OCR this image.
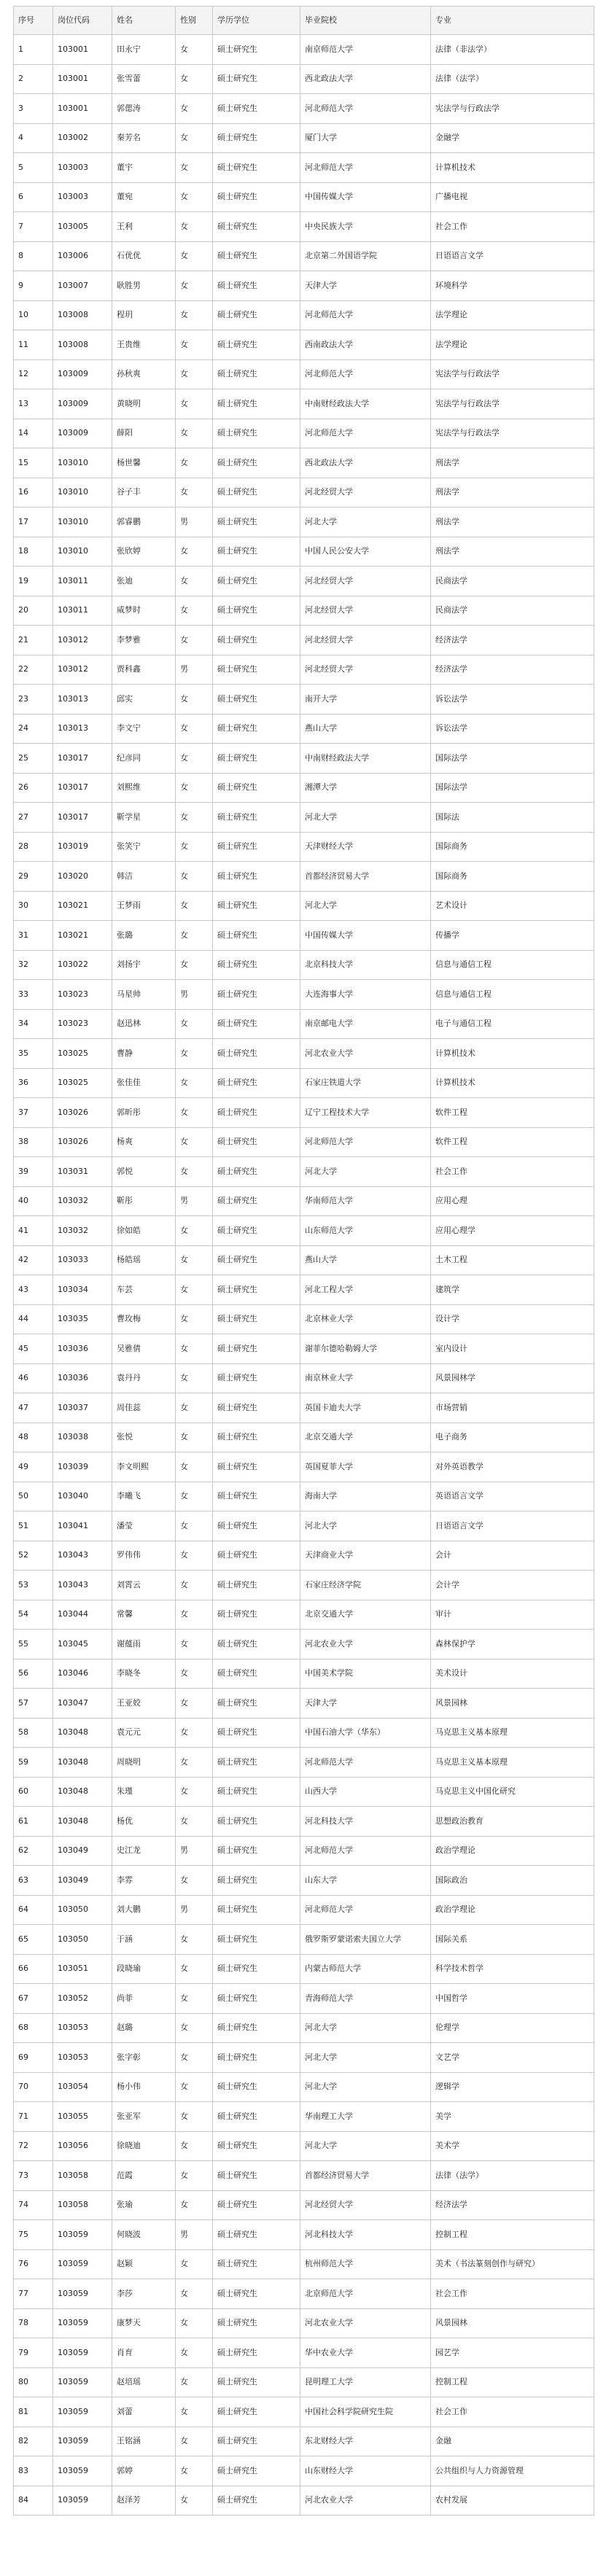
序号	岗位代码	姓名	性别	学历学位	毕业院校	专业
1	103001	田永宁	女	硕士研究生	南京师范大学	法律（非法学）
2	103001	张雪蕾	女	硕士研究生	西北政法大学	法律（法学）
3	103001	郭偲涛	女	硕士研究生	河北师范大学	宪法学与行政法学
4	103002	秦芳名	女	硕士研究生	厦门大学	金融学
5	103003	董宇	女	硕士研究生	河北师范大学	计算机技术
6	103003	董宛	女	硕士研究生	中国传媒大学	广播电视
7	103005	王利	女	硕士研究生	中央民族大学	社会工作
8	103006	石优优	女	硕士研究生	北京第二外国语学院	日语语言文学
9	103007	耿胜男	女	硕士研究生	天津大学	环境科学
10	103008	程玥	女	硕士研究生	河北师范大学	法学理论
11	103008	王贵维	女	硕士研究生	西南政法大学	法学理论
12	103009	孙秋爽	女	硕士研究生	河北师范大学	宪法学与行政法学
13	103009	黄晓明	女	硕士研究生	中南财经政法大学	宪法学与行政法学
14	103009	薛阳	女	硕士研究生	河北师范大学	宪法学与行政法学
15	103010	杨世馨	女	硕士研究生	西北政法大学	刑法学
16	103010	谷子丰	女	硕士研究生	河北经贸大学	刑法学
17	103010	郭睿鹏	男	硕士研究生	河北大学	刑法学
18	103010	张欣婷	女	硕士研究生	中国人民公安大学	刑法学
19	103011	张迪	女	硕士研究生	河北经贸大学	民商法学
20	103011	威梦时	女	硕士研究生	河北经贸大学	民商法学
21	103012	李梦雅	女	硕士研究生	河北经贸大学	经济法学
22	103012	贾科鑫	男	硕士研究生	河北经贸大学	经济法学
23	103013	邱实	女	硕士研究生	南开大学	诉讼法学
24	103013	李文宁	女	硕士研究生	燕山大学	诉讼法学
25	103017	纪彦同	女	硕士研究生	中南财经政法大学	国际法学
26	103017	刘熙维	女	硕士研究生	湘潭大学	国际法学
27	103017	靳学星	女	硕士研究生	河北大学	国际法
28	103019	张笑宁	女	硕士研究生	天津财经大学	国际商务
29	103020	韩洁	女	硕士研究生	首都经济贸易大学	国际商务
30	103021	王梦雨	女	硕士研究生	河北大学	艺术设计
31	103021	张璐	女	硕士研究生	中国传媒大学	传播学
32	103022	刘扬宇	女	硕士研究生	北京科技大学	信息与通信工程
33	103023	马星帅	男	硕士研究生	大连海事大学	信息与通信工程
34	103023	赵迅林	女	硕士研究生	南京邮电大学	电子与通信工程
35	103025	曹静	女	硕士研究生	河北农业大学	计算机技术
36	103025	张佳佳	女	硕士研究生	石家庄铁道大学	计算机技术
37	103026	郭昕彤	女	硕士研究生	辽宁工程技术大学	软件工程
38	103026	杨爽	女	硕士研究生	河北师范大学	软件工程
39	103031	郭悦	女	硕士研究生	河北大学	社会工作
40	103032	靳彤	男	硕士研究生	华南师范大学	应用心理
41	103032	徐如皓	女	硕士研究生	山东师范大学	应用心理学
42	103033	杨皓瑶	女	硕士研究生	燕山大学	土木工程
43	103034	车芸	女	硕士研究生	河北工程大学	建筑学
44	103035	曹玫梅	女	硕士研究生	北京林业大学	设计学
45	103036	吴雅倩	女	硕士研究生	谢菲尔德哈勒姆大学	室内设计
46	103036	袁丹丹	女	硕士研究生	南京林业大学	风景园林学
47	103037	周佳蕊	女	硕士研究生	英国卡迪夫大学	市场营销
48	103038	张悦	女	硕士研究生	北京交通大学	电子商务
49	103039	李文明熙	女	硕士研究生	英国夏菲大学	对外英语教学
50	103040	李曦飞	女	硕士研究生	海南大学	英语语言文学
51	103041	潘莹	女	硕士研究生	河北大学	日语语言文学
52	103043	罗伟伟	女	硕士研究生	天津商业大学	会计
53	103043	刘霄云	女	硕士研究生	石家庄经济学院	会计学
54	103044	常馨	女	硕士研究生	北京交通大学	审计
55	103045	谢蕴雨	女	硕士研究生	河北农业大学	森林保护学
56	103046	李晓冬	女	硕士研究生	中国美术学院	美术设计
57	103047	王亚姣	女	硕士研究生	天津大学	风景园林
58	103048	袁元元	女	硕士研究生	中国石油大学（华东）	马克思主义基本原理
59	103048	周晓明	女	硕士研究生	河北师范大学	马克思主义基本原理
60	103048	朱瑾	女	硕士研究生	山西大学	马克思主义中国化研究
61	103048	杨优	女	硕士研究生	河北科技大学	思想政治教育
62	103049	史江龙	男	硕士研究生	河北师范大学	政治学理论
63	103049	李雰	女	硕士研究生	山东大学	国际政治
64	103050	刘大鹏	男	硕士研究生	河北师范大学	政治学理论
65	103050	于涵	女	硕士研究生	俄罗斯罗蒙诺索夫国立大学	国际关系
66	103051	段晓瑜	女	硕士研究生	内蒙古师范大学	科学技术哲学
67	103052	尚菲	女	硕士研究生	青海师范大学	中国哲学
68	103053	赵璐	女	硕士研究生	河北大学	伦理学
69	103053	张字彰	女	硕士研究生	河北大学	文艺学
70	103054	杨小伟	女	硕士研究生	河北大学	逻辑学
71	103055	张亚军	女	硕士研究生	华南理工大学	美学
72	103056	徐晓迪	女	硕士研究生	河北大学	美术学
73	103058	范霞	女	硕士研究生	首都经济贸易大学	法律（法学）
74	103058	张瑜	女	硕士研究生	河北经贸大学	经济法学
75	103059	何晓波	男	硕士研究生	河北科技大学	控制工程
76	103059	赵颖	女	硕士研究生	杭州师范大学	美术（书法篆刻创作与研究）
77	103059	李莎	女	硕士研究生	北京师范大学	社会工作
78	103059	康梦天	女	硕士研究生	河北农业大学	风景园林
79	103059	肖育	女	硕士研究生	华中农业大学	园艺学
80	103059	赵培瑶	女	硕士研究生	昆明理工大学	控制工程
81	103059	刘蕾	女	硕士研究生	中国社会科学院研究生院	社会工作
82	103059	王铭涵	女	硕士研究生	东北财经大学	金融
83	103059	郭婷	女	硕士研究生	山东财经大学	公共组织与人力资源管理
84	103059	赵泽芳	女	硕士研究生	河北农业大学	农村发展
